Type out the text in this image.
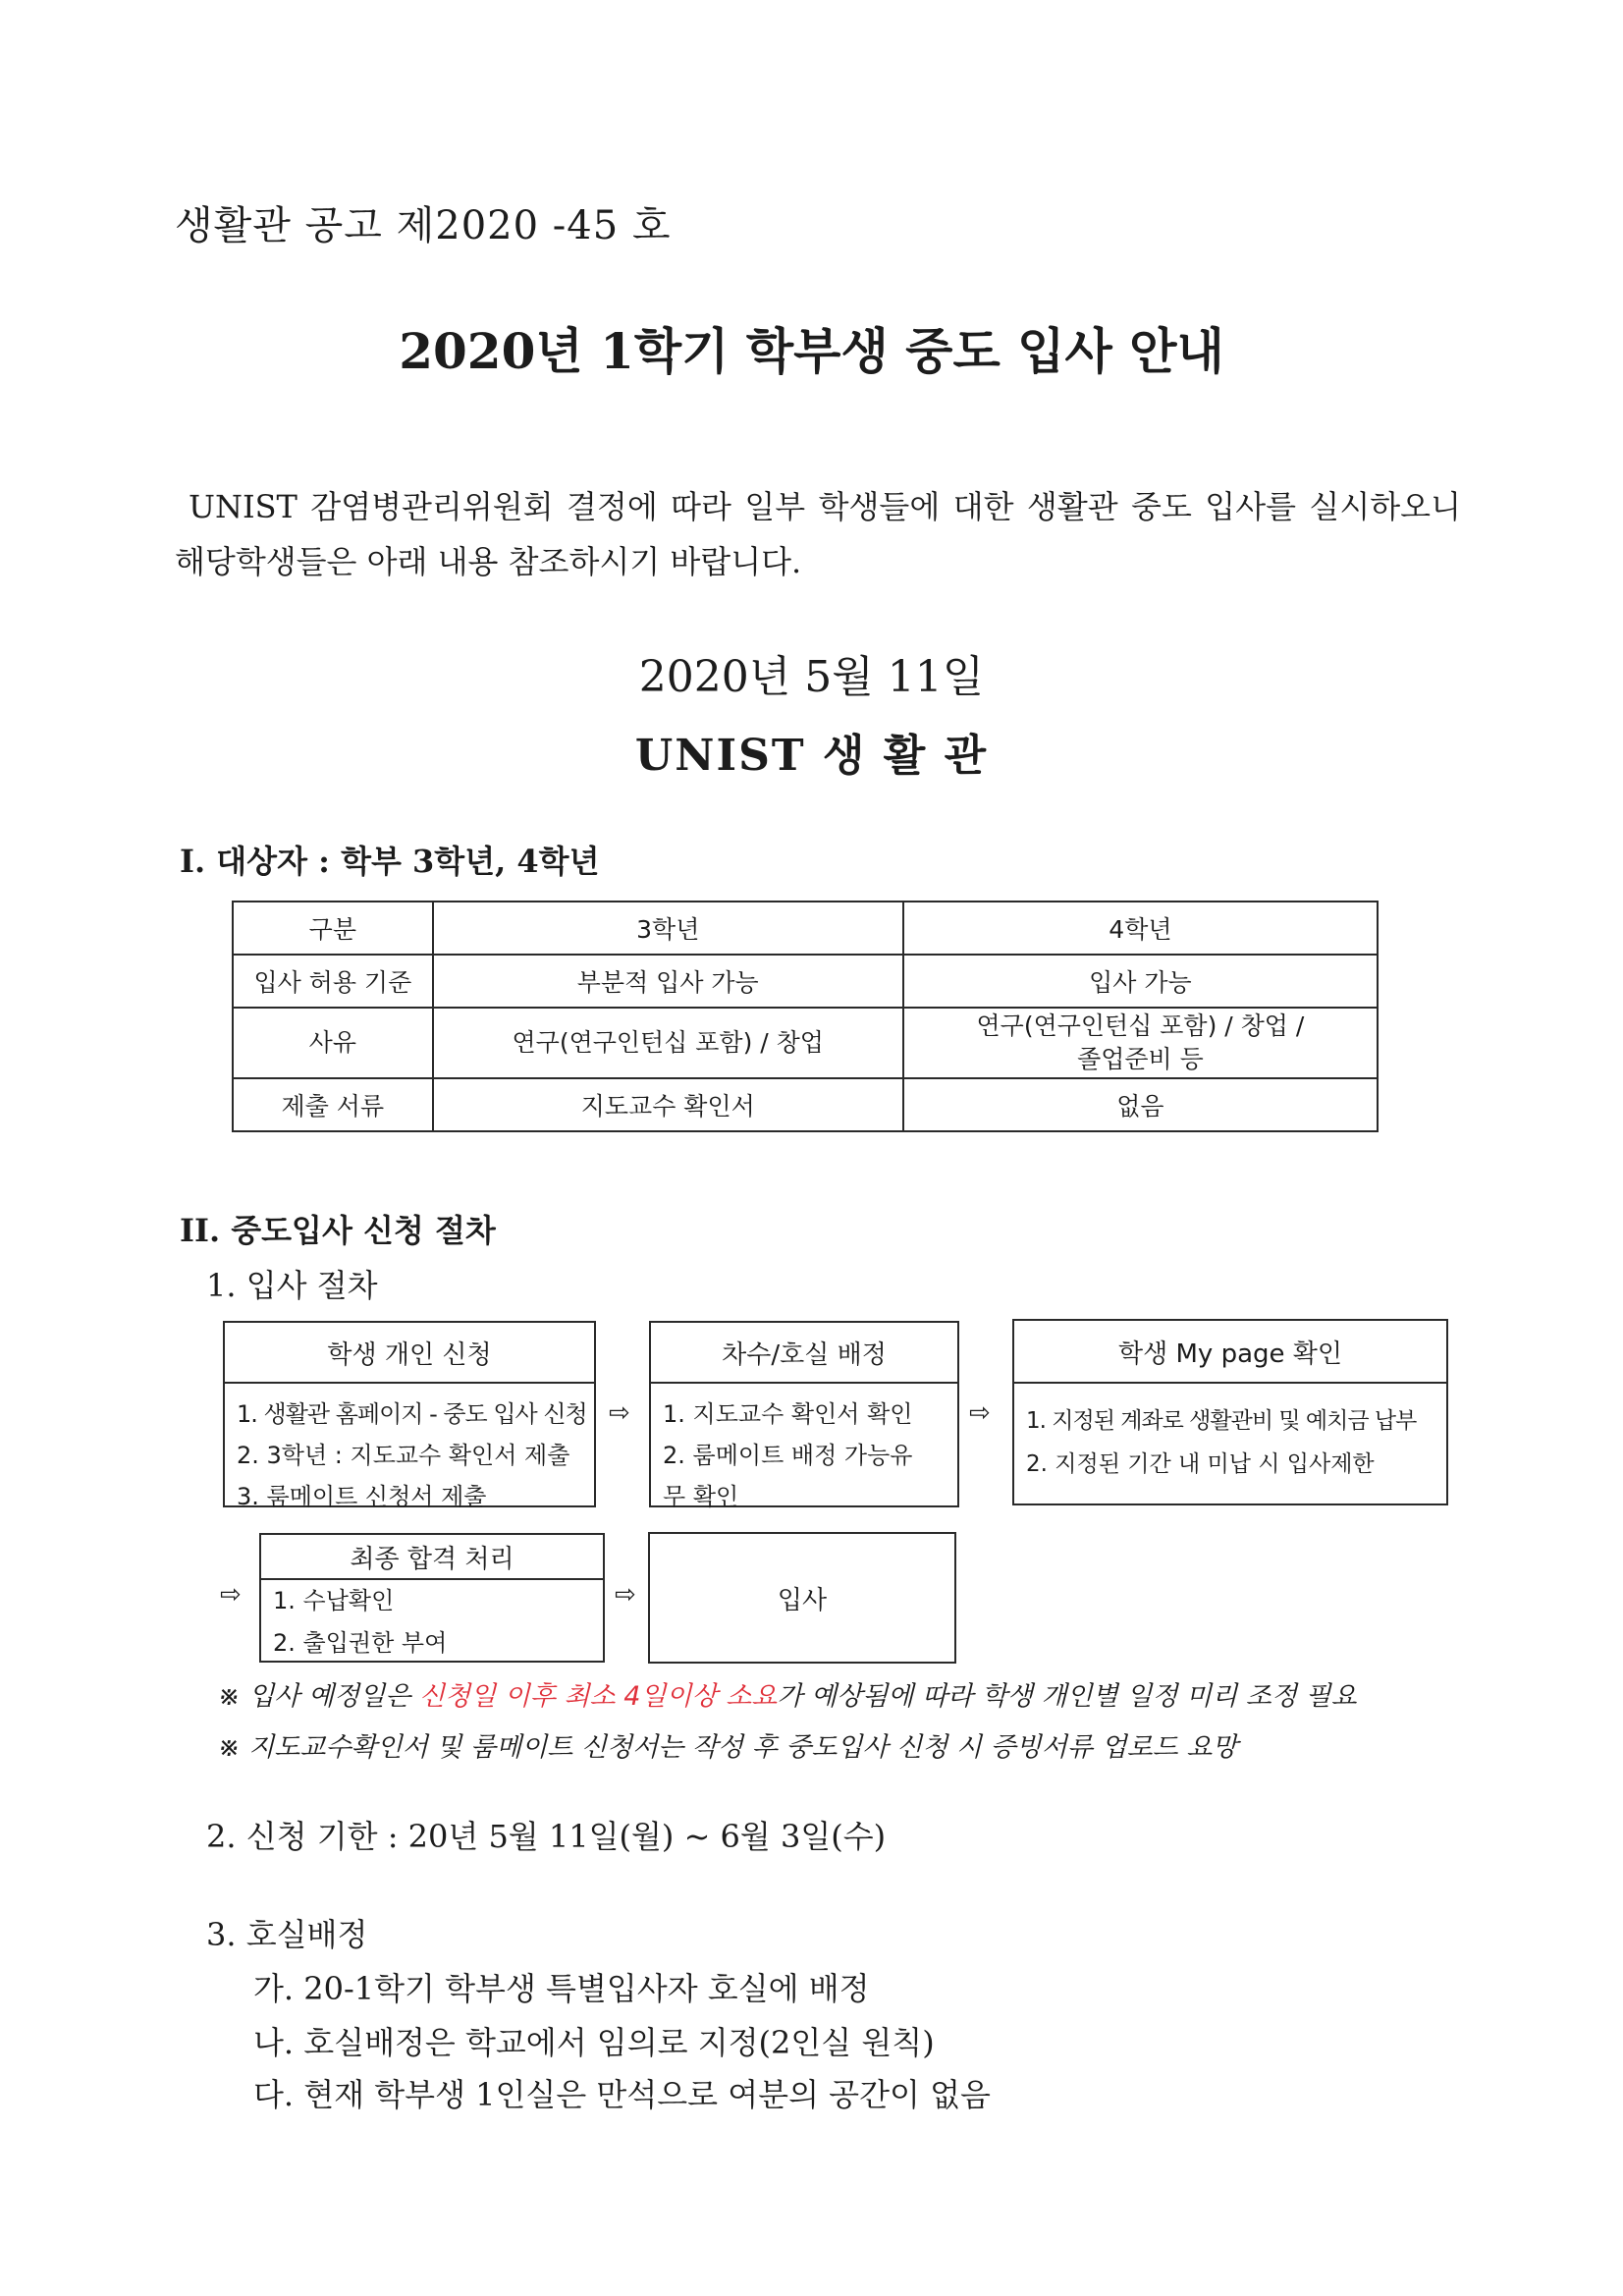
생활관 공고 제2020 -45 호
2020년 1학기 학부생 중도 입사 안내
UNIST 감염병관리위원회 결정에 따라 일부 학생들에 대한 생활관 중도 입사를 실시하오니 해당학생들은 아래 내용 참조하시기 바랍니다.
2020년 5월 11일
UNIST 생 활 관
I. 대상자 : 학부 3학년, 4학년
구분	3학년	4학년
입사 허용 기준	부분적 입사 가능	입사 가능
사유	연구(연구인턴십 포함) / 창업	연구(연구인턴십 포함) / 창업 /
졸업준비 등

제출 서류	지도교수 확인서	없음
II. 중도입사 신청 절차
1. 입사 절차
학생 개인 신청
1. 생활관 홈페이지 - 중도 입사 신청
2. 3학년 : 지도교수 확인서 제출
3. 룸메이트 신청서 제출
⇨
차수/호실 배정
1. 지도교수 확인서 확인
2. 룸메이트 배정 가능유
무 확인
⇨
학생 My page 확인
1. 지정된 계좌로 생활관비 및 예치금 납부
2. 지정된 기간 내 미납 시 입사제한
⇨
최종 합격 처리
1. 수납확인
2. 출입권한 부여
⇨	입사
※ 입사 예정일은 신청일 이후 최소 4일이상 소요가 예상됨에 따라 학생 개인별 일정 미리 조정 필요
※ 지도교수확인서 및 룸메이트 신청서는 작성 후 중도입사 신청 시 증빙서류 업로드 요망
2. 신청 기한 : 20년 5월 11일(월) ~ 6월 3일(수)
3. 호실배정
가. 20-1학기 학부생 특별입사자 호실에 배정
나. 호실배정은 학교에서 임의로 지정(2인실 원칙)
다. 현재 학부생 1인실은 만석으로 여분의 공간이 없음
